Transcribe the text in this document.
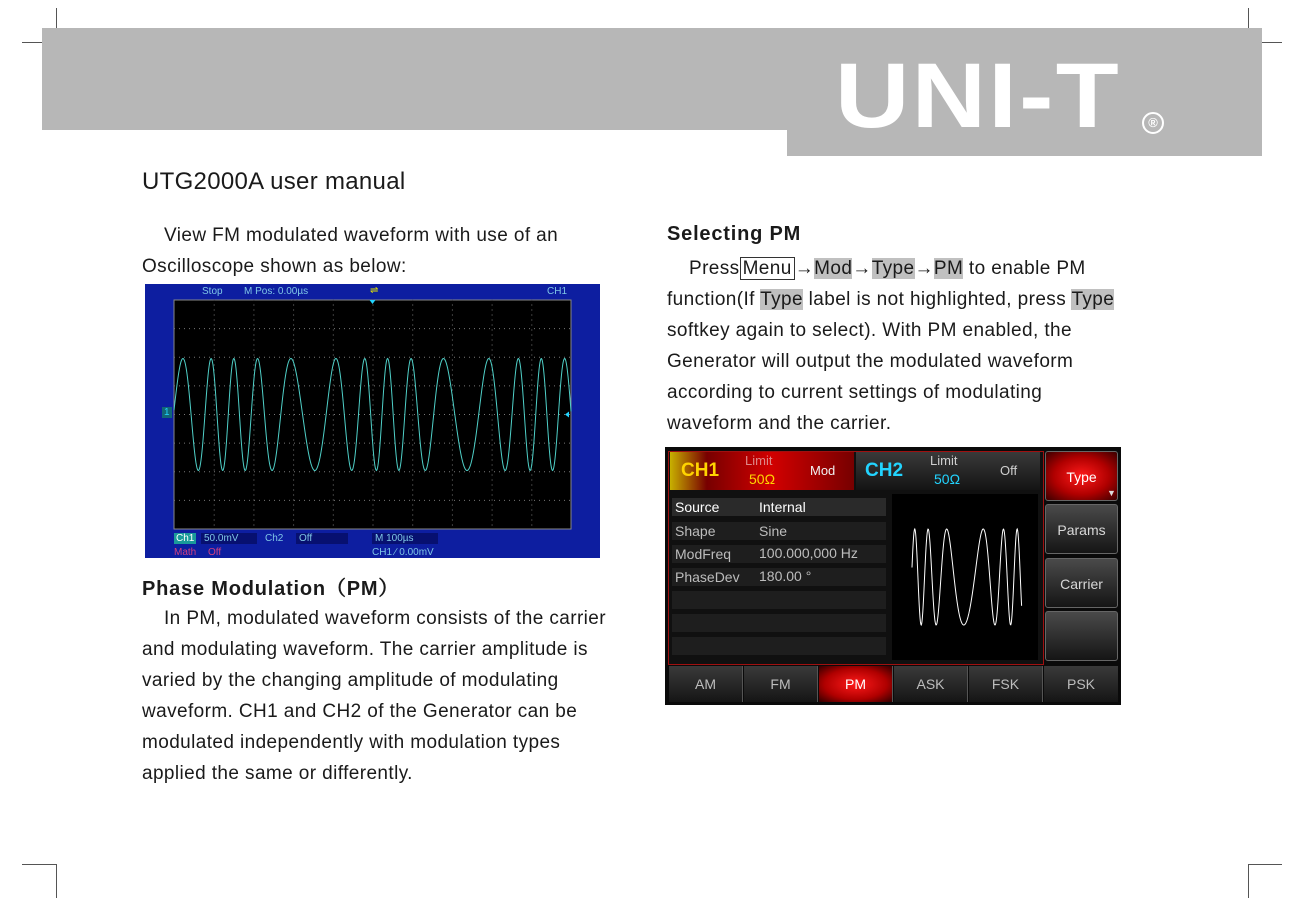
UNI-T	®
UTG2000A user manual

View FM modulated waveform with use of an
Oscilloscope shown as below:

Stop M Pos: 0.00µs	⇌	CH1
1
Ch1 50.0mV	Ch2	Off	M 100µs
Math Off	CH1 ∕ 0.00mV
Phase Modulation（PM）

In PM, modulated waveform consists of the carrier
and modulating waveform. The carrier amplitude is
varied by the changing amplitude of modulating
waveform. CH1 and CH2 of the Generator can be
modulated independently with modulation types
applied the same or differently.

Selecting PM

Press Menu →Mod→Type→PM to enable PM
function(If Type label is not highlighted, press Type
softkey again to select). With PM enabled, the
Generator will output the modulated waveform
according to current settings of modulating
waveform and the carrier.

CH1 Limit
50Ω
Mod CH2 Limit
50Ω
Off
Source	Internal
Shape	Sine
ModFreq 100.000,000 Hz
PhaseDev 180.00 °
Type
▼
Params
Carrier
AM	FM	PM	ASK	FSK	PSK
